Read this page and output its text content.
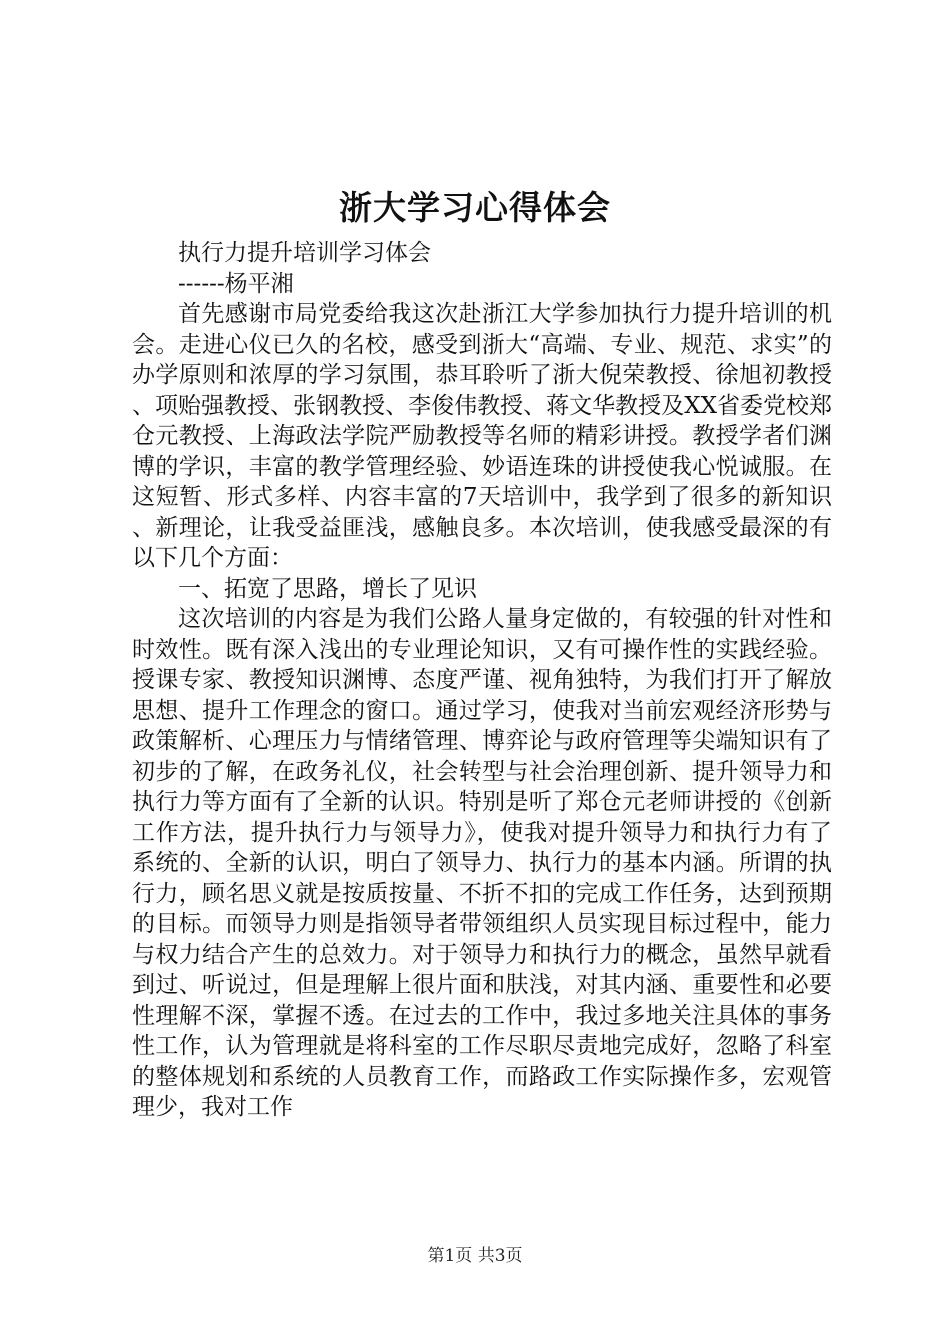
浙大学习心得体会

执行力提升培训学习体会

------杨平湘

首先感谢市局党委给我这次赴浙江大学参加执行力提升培训的机会。走进心仪已久的名校，感受到浙大“高端、专业、规范、求实”的办学原则和浓厚的学习氛围，恭耳聆听了浙大倪荣教授、徐旭初教授、项贻强教授、张钢教授、李俊伟教授、蒋文华教授及XX省委党校郑仓元教授、上海政法学院严励教授等名师的精彩讲授。教授学者们渊博的学识，丰富的教学管理经验、妙语连珠的讲授使我心悦诚服。在这短暂、形式多样、内容丰富的7天培训中，我学到了很多的新知识、新理论，让我受益匪浅，感触良多。本次培训，使我感受最深的有以下几个方面：

一、拓宽了思路，增长了见识

这次培训的内容是为我们公路人量身定做的，有较强的针对性和时效性。既有深入浅出的专业理论知识，又有可操作性的实践经验。授课专家、教授知识渊博、态度严谨、视角独特，为我们打开了解放思想、提升工作理念的窗口。通过学习，使我对当前宏观经济形势与政策解析、心理压力与情绪管理、博弈论与政府管理等尖端知识有了初步的了解，在政务礼仪，社会转型与社会治理创新、提升领导力和执行力等方面有了全新的认识。特别是听了郑仓元老师讲授的《创新工作方法，提升执行力与领导力》，使我对提升领导力和执行力有了系统的、全新的认识，明白了领导力、执行力的基本内涵。所谓的执行力，顾名思义就是按质按量、不折不扣的完成工作任务，达到预期的目标。而领导力则是指领导者带领组织人员实现目标过程中，能力与权力结合产生的总效力。对于领导力和执行力的概念，虽然早就看到过、听说过，但是理解上很片面和肤浅，对其内涵、重要性和必要性理解不深，掌握不透。在过去的工作中，我过多地关注具体的事务性工作，认为管理就是将科室的工作尽职尽责地完成好，忽略了科室的整体规划和系统的人员教育工作，而路政工作实际操作多，宏观管理少，我对工作

第1页 共3页
